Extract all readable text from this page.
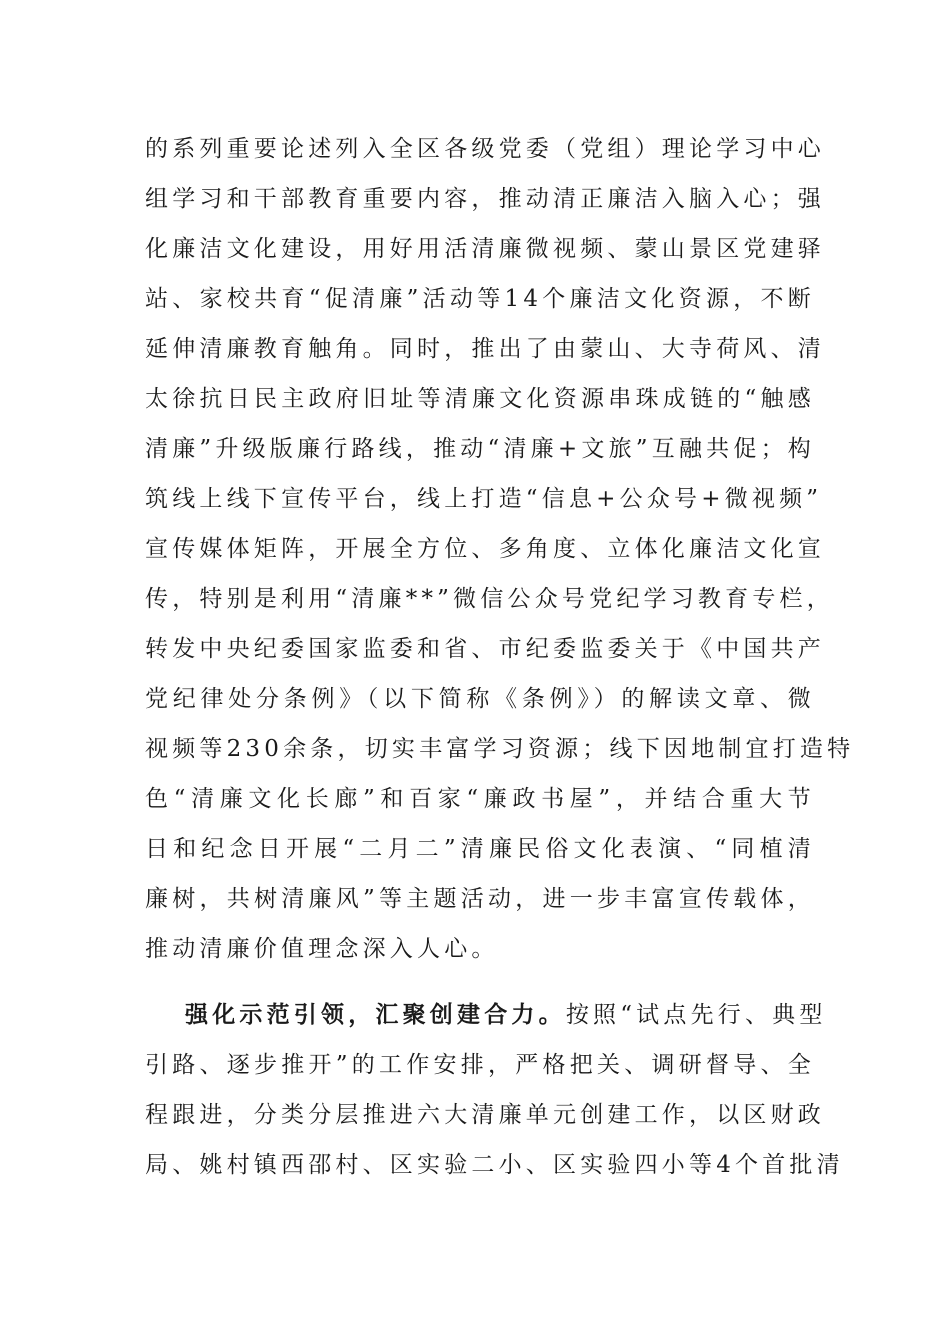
的系列重要论述列入全区各级党委（党组）理论学习中心
组学习和干部教育重要内容，推动清正廉洁入脑入心；强
化廉洁文化建设，用好用活清廉微视频、蒙山景区党建驿
站、家校共育“促清廉”活动等14个廉洁文化资源，不断
延伸清廉教育触角。同时，推出了由蒙山、大寺荷风、清
太徐抗日民主政府旧址等清廉文化资源串珠成链的“触感
清廉”升级版廉行路线，推动“清廉+文旅”互融共促；构
筑线上线下宣传平台，线上打造“信息+公众号+微视频”
宣传媒体矩阵，开展全方位、多角度、立体化廉洁文化宣
传，特别是利用“清廉**”微信公众号党纪学习教育专栏，
转发中央纪委国家监委和省、市纪委监委关于《中国共产
党纪律处分条例》（以下简称《条例》）的解读文章、微
视频等230余条，切实丰富学习资源；线下因地制宜打造特
色“清廉文化长廊”和百家“廉政书屋”，并结合重大节
日和纪念日开展“二月二”清廉民俗文化表演、“同植清
廉树，共树清廉风”等主题活动，进一步丰富宣传载体，
推动清廉价值理念深入人心。
强化示范引领，汇聚创建合力。按照“试点先行、典型
引路、逐步推开”的工作安排，严格把关、调研督导、全
程跟进，分类分层推进六大清廉单元创建工作，以区财政
局、姚村镇西邵村、区实验二小、区实验四小等4个首批清
